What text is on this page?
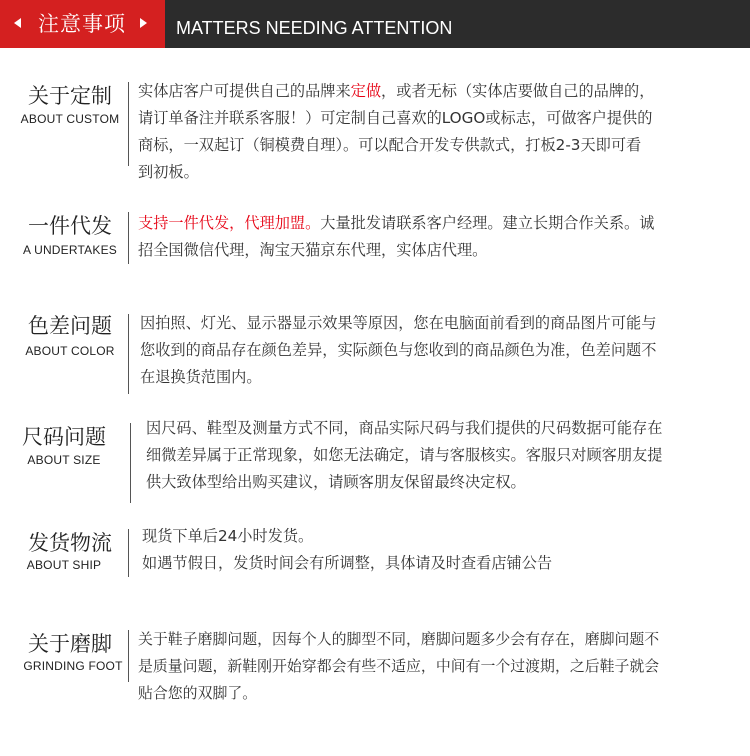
注意事项	MATTERS NEEDING ATTENTION
关于定制
ABOUT CUSTOM
实体店客户可提供自己的品牌来定做，或者无标（实体店要做自己的品牌的，
请订单备注并联系客服！）可定制自己喜欢的LOGO或标志，可做客户提供的
商标，一双起订（铜模费自理）。可以配合开发专供款式，打板2-3天即可看
到初板。
一件代发
A UNDERTAKES
支持一件代发，代理加盟。大量批发请联系客户经理。建立长期合作关系。诚
招全国微信代理，淘宝天猫京东代理，实体店代理。
色差问题
ABOUT COLOR
因拍照、灯光、显示器显示效果等原因，您在电脑面前看到的商品图片可能与
您收到的商品存在颜色差异，实际颜色与您收到的商品颜色为准，色差问题不
在退换货范围内。
尺码问题
ABOUT SIZE
因尺码、鞋型及测量方式不同，商品实际尺码与我们提供的尺码数据可能存在
细微差异属于正常现象，如您无法确定，请与客服核实。客服只对顾客朋友提
供大致体型给出购买建议，请顾客朋友保留最终决定权。
发货物流
ABOUT SHIP
现货下单后24小时发货。
如遇节假日，发货时间会有所调整，具体请及时查看店铺公告
关于磨脚
GRINDING FOOT
关于鞋子磨脚问题，因每个人的脚型不同，磨脚问题多少会有存在，磨脚问题不
是质量问题，新鞋刚开始穿都会有些不适应，中间有一个过渡期，之后鞋子就会
贴合您的双脚了。
